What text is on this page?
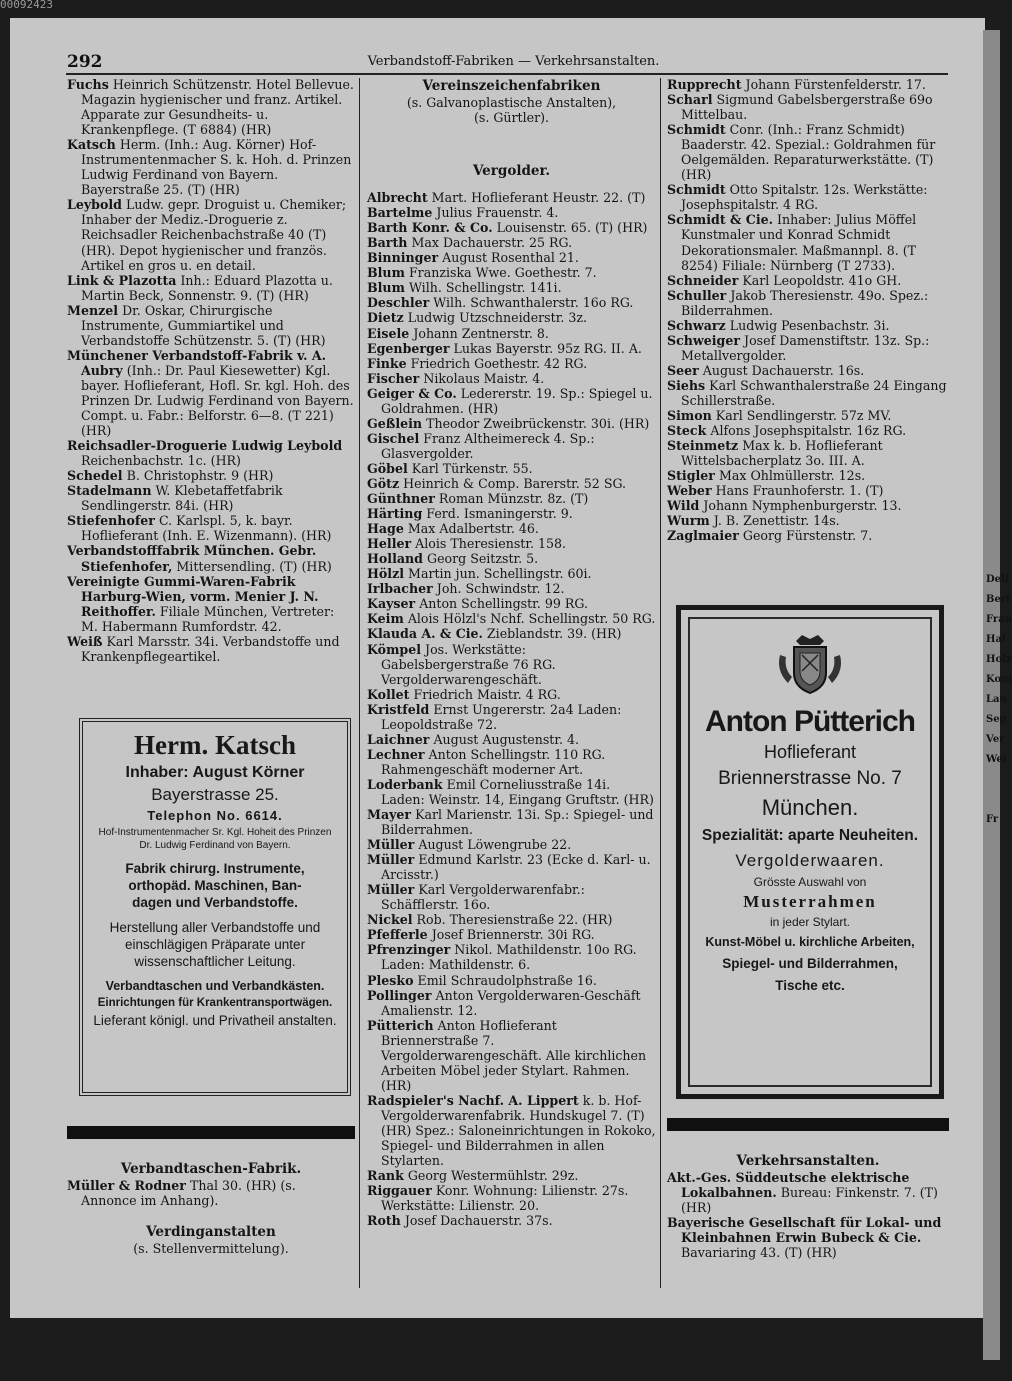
00092423
Dell
Beri
Fran
Hal
Holz
Koni
Lau
Sep
Ver
Wei
Fr
292	Verbandstoff-Fabriken — Verkehrsanstalten.

Fuchs Heinrich Schützenstr. Hotel Bellevue. Magazin hygienischer und franz. Artikel. Apparate zur Gesundheits- u. Krankenpflege. (T 6884) (HR)

Katsch Herm. (Inh.: Aug. Körner) Hof-Instrumentenmacher S. k. Hoh. d. Prinzen Ludwig Ferdinand von Bayern. Bayerstraße 25. (T) (HR)

Leybold Ludw. gepr. Droguist u. Chemiker; Inhaber der Mediz.-Droguerie z. Reichsadler Reichenbachstraße 40 (T) (HR). Depot hygienischer und französ. Artikel en gros u. en detail.

Link & Plazotta Inh.: Eduard Plazotta u. Martin Beck, Sonnenstr. 9. (T) (HR)

Menzel Dr. Oskar, Chirurgische Instrumente, Gummiartikel und Verbandstoffe Schützenstr. 5. (T) (HR)

Münchener Verbandstoff-Fabrik v. A. Aubry (Inh.: Dr. Paul Kiesewetter) Kgl. bayer. Hoflieferant, Hofl. Sr. kgl. Hoh. des Prinzen Dr. Ludwig Ferdinand von Bayern. Compt. u. Fabr.: Belforstr. 6—8. (T 221) (HR)

Reichsadler-Droguerie Ludwig Leybold Reichenbachstr. 1c. (HR)

Schedel B. Christophstr. 9 (HR)

Stadelmann W. Klebetaffetfabrik Sendlingerstr. 84i. (HR)

Stiefenhofer C. Karlspl. 5, k. bayr. Hoflieferant (Inh. E. Wizenmann). (HR)

Verbandstofffabrik München. Gebr. Stiefenhofer, Mittersendling. (T) (HR)

Vereinigte Gummi-Waren-Fabrik Harburg-Wien, vorm. Menier J. N. Reithoffer. Filiale München, Vertreter: M. Habermann Rumfordstr. 42.

Weiß Karl Marsstr. 34i. Verbandstoffe und Krankenpflegeartikel.

Verbandtaschen-Fabrik.

Müller & Rodner Thal 30. (HR) (s. Annonce im Anhang).

Verdinganstalten

(s. Stellenvermittelung).

Herm. Katsch
Inhaber: August Körner
Bayerstrasse 25.
Telephon No. 6614.
Hof-Instrumentenmacher Sr. Kgl. Hoheit des Prinzen Dr. Ludwig Ferdinand von Bayern.
Fabrik chirurg. Instrumente,
orthopäd. Maschinen, Ban-
dagen und Verbandstoffe.
Herstellung aller Verbandstoffe und einschlägigen Präparate unter wissenschaftlicher Leitung.
Verbandtaschen und Verbandkästen.
Einrichtungen für Krankentransportwägen.
Lieferant königl. und Privatheil anstalten.

Vereinszeichenfabriken

(s. Galvanoplastische Anstalten),

(s. Gürtler).

Vergolder.

Albrecht Mart. Hoflieferant Heustr. 22. (T)

Bartelme Julius Frauenstr. 4.

Barth Konr. & Co. Louisenstr. 65. (T) (HR)

Barth Max Dachauerstr. 25 RG.

Binninger August Rosenthal 21.

Blum Franziska Wwe. Goethestr. 7.

Blum Wilh. Schellingstr. 141i.

Deschler Wilh. Schwanthalerstr. 16o RG.

Dietz Ludwig Utzschneiderstr. 3z.

Eisele Johann Zentnerstr. 8.

Egenberger Lukas Bayerstr. 95z RG. II. A.

Finke Friedrich Goethestr. 42 RG.

Fischer Nikolaus Maistr. 4.

Geiger & Co. Ledererstr. 19. Sp.: Spiegel u. Goldrahmen. (HR)

Geßlein Theodor Zweibrückenstr. 30i. (HR)

Gischel Franz Altheimereck 4. Sp.: Glasvergolder.

Göbel Karl Türkenstr. 55.

Götz Heinrich & Comp. Barerstr. 52 SG.

Günthner Roman Münzstr. 8z. (T)

Härting Ferd. Ismaningerstr. 9.

Hage Max Adalbertstr. 46.

Heller Alois Theresienstr. 158.

Holland Georg Seitzstr. 5.

Hölzl Martin jun. Schellingstr. 60i.

Irlbacher Joh. Schwindstr. 12.

Kayser Anton Schellingstr. 99 RG.

Keim Alois Hölzl's Nchf. Schellingstr. 50 RG.

Klauda A. & Cie. Zieblandstr. 39. (HR)

Kömpel Jos. Werkstätte: Gabelsbergerstraße 76 RG. Vergolderwarengeschäft.

Kollet Friedrich Maistr. 4 RG.

Kristfeld Ernst Ungererstr. 2a4 Laden: Leopoldstraße 72.

Laichner August Augustenstr. 4.

Lechner Anton Schellingstr. 110 RG. Rahmengeschäft moderner Art.

Loderbank Emil Corneliusstraße 14i. Laden: Weinstr. 14, Eingang Gruftstr. (HR)

Mayer Karl Marienstr. 13i. Sp.: Spiegel- und Bilderrahmen.

Müller August Löwengrube 22.

Müller Edmund Karlstr. 23 (Ecke d. Karl- u. Arcisstr.)

Müller Karl Vergolderwarenfabr.: Schäfflerstr. 16o.

Nickel Rob. Theresienstraße 22. (HR)

Pfefferle Josef Briennerstr. 30i RG.

Pfrenzinger Nikol. Mathildenstr. 10o RG. Laden: Mathildenstr. 6.

Plesko Emil Schraudolphstraße 16.

Pollinger Anton Vergolderwaren-Geschäft Amalienstr. 12.

Pütterich Anton Hoflieferant Briennerstraße 7. Vergolderwarengeschäft. Alle kirchlichen Arbeiten Möbel jeder Stylart. Rahmen. (HR)

Radspieler's Nachf. A. Lippert k. b. Hof-Vergolderwarenfabrik. Hundskugel 7. (T) (HR) Spez.: Saloneinrichtungen in Rokoko, Spiegel- und Bilderrahmen in allen Stylarten.

Rank Georg Westermühlstr. 29z.

Riggauer Konr. Wohnung: Lilienstr. 27s. Werkstätte: Lilienstr. 20.

Roth Josef Dachauerstr. 37s.

Rupprecht Johann Fürstenfelderstr. 17.

Scharl Sigmund Gabelsbergerstraße 69o Mittelbau.

Schmidt Conr. (Inh.: Franz Schmidt) Baaderstr. 42. Spezial.: Goldrahmen für Oelgemälden. Reparaturwerkstätte. (T) (HR)

Schmidt Otto Spitalstr. 12s. Werkstätte: Josephspitalstr. 4 RG.

Schmidt & Cie. Inhaber: Julius Möffel Kunstmaler und Konrad Schmidt Dekorationsmaler. Maßmannpl. 8. (T 8254) Filiale: Nürnberg (T 2733).

Schneider Karl Leopoldstr. 41o GH.

Schuller Jakob Theresienstr. 49o. Spez.: Bilderrahmen.

Schwarz Ludwig Pesenbachstr. 3i.

Schweiger Josef Damenstiftstr. 13z. Sp.: Metallvergolder.

Seer August Dachauerstr. 16s.

Siehs Karl Schwanthalerstraße 24 Eingang Schillerstraße.

Simon Karl Sendlingerstr. 57z MV.

Steck Alfons Josephspitalstr. 16z RG.

Steinmetz Max k. b. Hoflieferant Wittelsbacherplatz 3o. III. A.

Stigler Max Ohlmüllerstr. 12s.

Weber Hans Fraunhoferstr. 1. (T)

Wild Johann Nymphenburgerstr. 13.

Wurm J. B. Zenettistr. 14s.

Zaglmaier Georg Fürstenstr. 7.

Anton Pütterich
Hoflieferant
Briennerstrasse No. 7
München.
Spezialität: aparte Neuheiten.
Vergolderwaaren.
Grösste Auswahl von
Musterrahmen
in jeder Stylart.
Kunst-Möbel u. kirchliche Arbeiten,
Spiegel- und Bilderrahmen,
Tische etc.

Verkehrsanstalten.

Akt.-Ges. Süddeutsche elektrische Lokalbahnen. Bureau: Finkenstr. 7. (T) (HR)

Bayerische Gesellschaft für Lokal- und Kleinbahnen Erwin Bubeck & Cie. Bavariaring 43. (T) (HR)
